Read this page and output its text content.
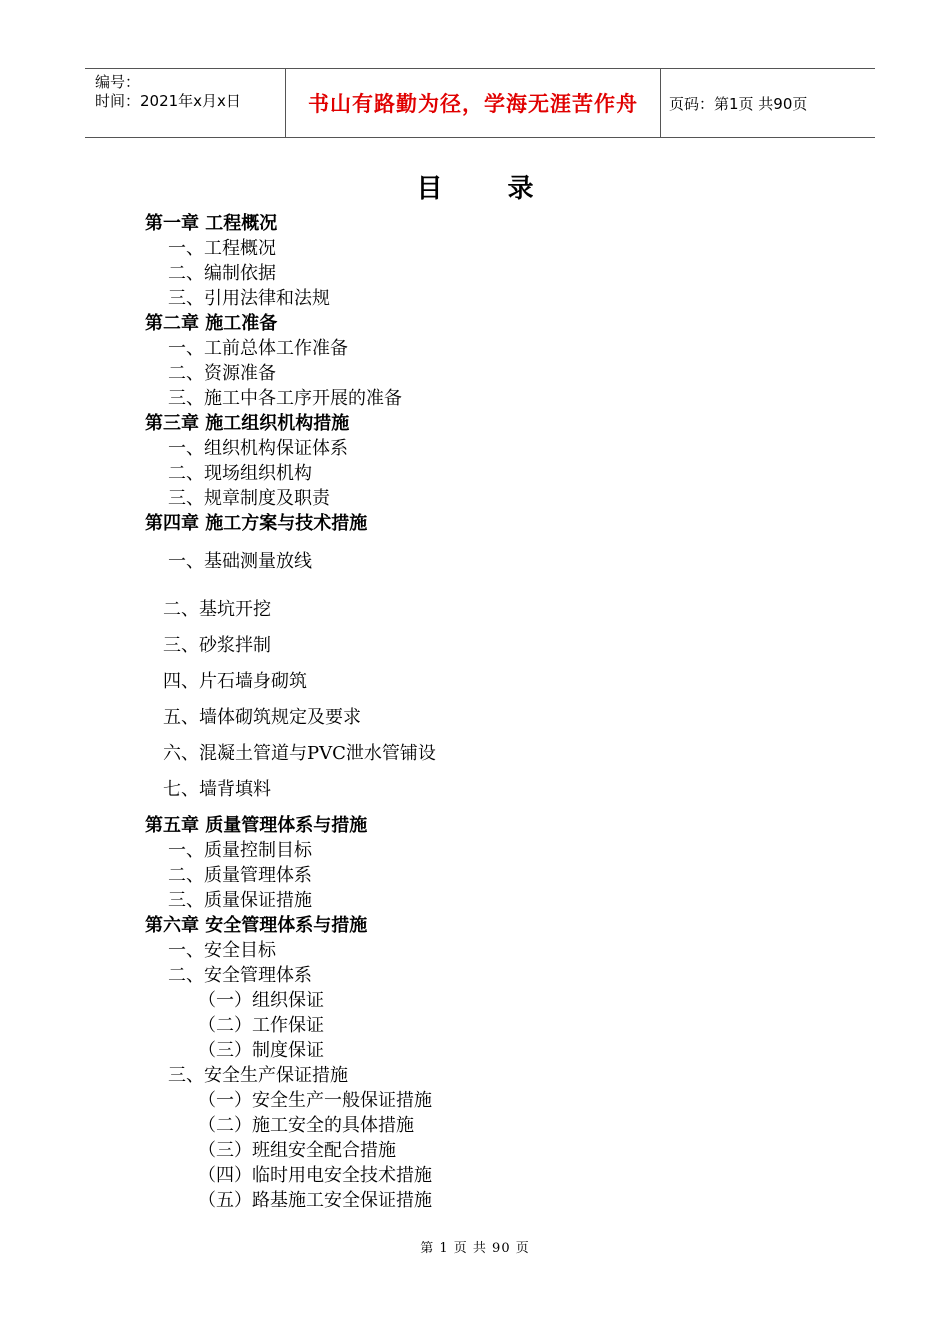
编号：
时间：2021年x月x日	书山有路勤为径，学海无涯苦作舟	页码：第1页 共90页
目 录
第一章 工程概况
一、工程概况
二、编制依据
三、引用法律和法规
第二章 施工准备
一、工前总体工作准备
二、资源准备
三、施工中各工序开展的准备
第三章 施工组织机构措施
一、组织机构保证体系
二、现场组织机构
三、规章制度及职责
第四章 施工方案与技术措施
一、基础测量放线
二、基坑开挖
三、砂浆拌制
四、片石墙身砌筑
五、墙体砌筑规定及要求
六、混凝土管道与PVC泄水管铺设
七、墙背填料
第五章 质量管理体系与措施
一、质量控制目标
二、质量管理体系
三、质量保证措施
第六章 安全管理体系与措施
一、安全目标
二、安全管理体系
（一）组织保证
（二）工作保证
（三）制度保证
三、安全生产保证措施
（一）安全生产一般保证措施
（二）施工安全的具体措施
（三）班组安全配合措施
（四）临时用电安全技术措施
（五）路基施工安全保证措施
第 1 页 共 90 页
